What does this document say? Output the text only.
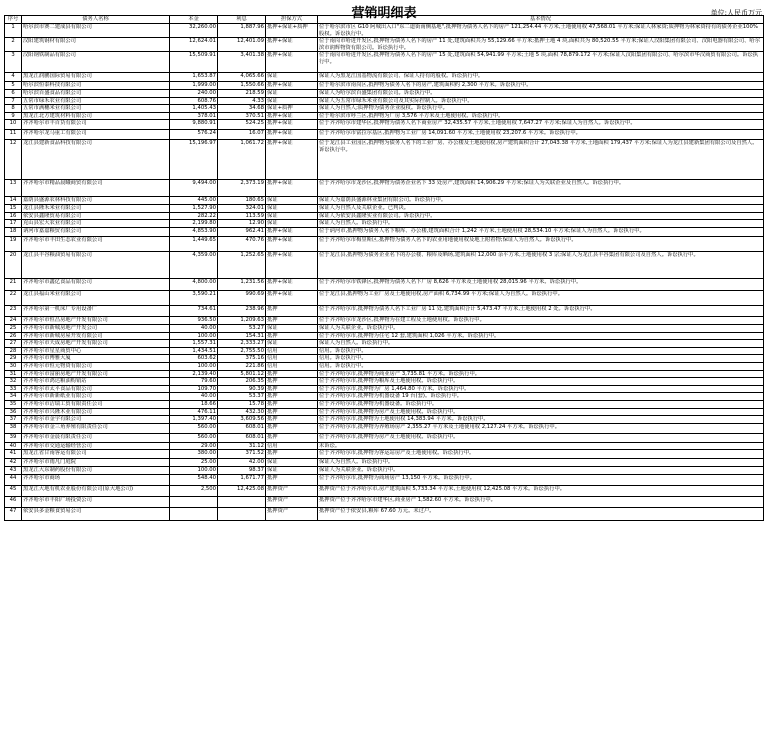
营销明细表	单位:人民币万元
序号	债务人名称	本金	利息	担保方式	基本情况
1	哈尔滨市赛二建成县有限公司	32,260.00	1,887.96	抵押+保证+质押	位于哈尔滨市区 G10 阿城出入口"东二道街南侧基地",抵押物为债务人名下的房产 121,254.44 平方米,土地使用权 47,568.01 平方米;保证人林家资;质押物为林家资持有的债务企业100%股权。诉讼执行中。
2	汉阳建筑钢材有限公司	12,624.01	12,401.09	抵押+保证	位于南岗市哈进开发区,抵押物为债务人名下的房产 11 处,建筑面积共为 55,129.66 平方米;抵押土地 4 块,面积共为 80,520.55 平方米;保证人汉阳集团有限公司、汉阳电器有限公司、哈尔滨市润辉物资有限公司。诉讼执行中。
3	汉阳钢铁制品有限公司	15,509.91	3,401.38	抵押+保证	位于南岗市哈进开发区,抵押物为债务人名下的房产 15 处,建筑面积 54,941.99 平方米;土地 5 块,面积 78,879.172 平方米;保证人汉阳集团有限公司、哈尔滨市华汉商贸有限公司。诉讼执行中。
4	黑龙江润鹏国际贸易有限公司	1,653.87	4,065.66	保证	保证人为黑龙江国基物流有限公司、保证人持有的股权。诉讼执行中。
5	哈尔滨恒泰科技有限公司	1,999.00	1,550.66	抵押+保证	位于哈尔滨市南岗区,抵押物为债务人名下的房产,建筑面积约 2,300 平方米。诉讼执行中。
6	哈尔滨百盛食品有限公司	240.00	218.59	保证	保证人为哈尔滨百盛集团有限公司。诉讼执行中。
7	五常市绿禾农业有限公司	608.76	4.33	保证	保证人为五常市绿禾米业有限公司及其实际控制人。诉讼执行中。
8	五常市满穗米业有限公司	1,405.43	34.68	保证+质押	保证人为自然人;质押物为债务企业股权。诉讼执行中。
9	黑龙江北方建筑材料有限公司	378.01	370.51	抵押+保证	位于哈尔滨市呼兰区,抵押物为厂房 3,576 平方米及土地使用权。诉讼执行中。
10	齐齐哈尔市丰百货有限公司	9,880.91	524.25	抵押+保证	位于齐齐哈尔市建华区,抵押物为债务人名下商业房产 32,435.57 平方米,土地使用权 7,647.27 平方米;保证人为自然人。诉讼执行中。
11	齐齐哈尔龙马重工有限公司	576.24	16.07	抵押+保证	位于齐齐哈尔市富拉尔基区,抵押物为工业厂房 14,091.60 平方米,土地使用权 23,207.6 平方米。诉讼执行中。
12	龙江县建新食品科技有限公司	15,196.97	1,061.72	抵押+保证	位于龙江县工业园区,抵押物为债务人名下的工业厂房、办公楼及土地使用权,房产建筑面积合计 27,043.38 平方米,土地面积 179,437 平方米;保证人为龙江县建新集团有限公司及自然人。诉讼执行中。
13	齐齐哈尔市精品晨曦商贸有限公司	9,494.00	2,373.19	抵押+保证	位于齐齐哈尔市龙沙区,抵押物为债务企业名下 33 处房产,建筑面积 14,906.29 平方米;保证人为关联企业及自然人。诉讼执行中。
14	嘉荫县盛源农林科技有限公司	445.00	180.65	保证	保证人为嘉荫县盛源林业集团有限公司。诉讼执行中。
15	龙江县隆禾米业有限公司	1,527.90	324.01	保证	保证人为自然人及关联企业。已判决。
16	依安县鑫隆贸易有限公司	282.22	113.59	保证	保证人为依安县鑫隆实业有限公司。诉讼执行中。
17	克山县宏大农业有限公司	2,199.80	12.90	保证	保证人为自然人。诉讼执行中。
18	讷河市嘉嘉粮贸有限公司	4,853.90	962.41	抵押+保证	位于讷河市,抵押物为债务人名下粮库、办公楼,建筑面积合计 1,242 平方米,土地使用权 28,534.10 平方米;保证人为自然人。诉讼执行中。
19	齐齐哈尔市丰田生态农业有限公司	1,449.65	470.76	抵押+保证	位于齐齐哈尔市梅里斯区,抵押物为债务人名下的农业用地使用权及地上附着物;保证人为自然人。诉讼执行中。
20	龙江县丰谷粮油贸易有限公司	4,359.00	1,252.65	抵押+保证	位于龙江县,抵押物为债务企业名下的办公楼、粮库及晒场,建筑面积 12,000 余平方米,土地使用权 3 宗;保证人为龙江县丰谷集团有限公司及自然人。诉讼执行中。
21	齐齐哈尔市鑫亿食品有限公司	4,800.00	1,231.56	抵押+保证	位于齐齐哈尔市铁锋区,抵押物为债务人名下厂房 8,626 平方米及土地使用权 28,015.96 平方米。诉讼执行中。
22	龙江县福山米业有限公司	3,590.21	990.69	抵押+保证	位于龙江县,抵押物为工业厂房及土地使用权,房产面积 6,734.99 平方米;保证人为自然人。诉讼执行中。
23	齐齐哈尔第一机床厂专用设备厂	734.61	238.96	抵押	位于齐齐哈尔市,抵押物为债务人名下工业厂房 11 处,建筑面积合计 5,473.47 平方米,土地使用权 2 处。诉讼执行中。
24	齐齐哈尔市恒昌房地产开发有限公司	936.50	1,209.63	抵押	位于齐齐哈尔市龙沙区,抵押物为在建工程及土地使用权。诉讼执行中。
25	齐齐哈尔市新城房地产开发公司	40.00	53.27	保证	保证人为关联企业。诉讼执行中。
26	齐齐哈尔市新城房屋开发有限公司	100.00	154.31	抵押	位于齐齐哈尔市,抵押物为住宅 12 套,建筑面积 1,026 平方米。诉讼执行中。
27	齐齐哈尔市天成房地产开发有限公司	1,557.31	2,333.27	保证	保证人为自然人。诉讼执行中。
28	齐齐哈尔市星星商贸中心	1,434.51	2,755.50	信用	信用。诉讼执行中。
29	齐齐哈尔市博雅大厦	603.62	375.16	信用	信用。诉讼执行中。
30	齐齐哈尔市恒元物资有限公司	100.00	221.86	信用	信用。诉讼执行中。
31	齐齐哈尔市富丽房地产开发有限公司	2,139.40	5,801.12	抵押	位于齐齐哈尔市,抵押物为商业房产 3,735.81 平方米。诉讼执行中。
32	齐齐哈尔市鸿达粮油购销站	79.60	206.35	抵押	位于齐齐哈尔市,抵押物为粮库及土地使用权。诉讼执行中。
33	齐齐哈尔市太平食品有限公司	109.70	90.39	抵押	位于齐齐哈尔市,抵押物为厂房 1,464.80 平方米。诉讼执行中。
34	齐齐哈尔市新新纸业有限公司	40.00	53.37	抵押	位于齐齐哈尔市,抵押物为机器设备 19 台(套)。诉讼执行中。
35	齐齐哈尔市洁瑞工贸有限责任公司	18.66	15.78	抵押	位于齐齐哈尔市,抵押物为机器设备。诉讼执行中。
36	齐齐哈尔市兴隆木业有限公司	476.11	432.30	抵押	位于齐齐哈尔市,抵押物为房产及土地使用权。诉讼执行中。
37	齐齐哈尔市金宇有限公司	1,397.40	3,609.56	抵押	位于齐齐哈尔市,抵押物为土地使用权 14,383.94 平方米。诉讼执行中。
38	齐齐哈尔市金三角养殖有限责任公司	560.00	608.01	抵押	位于齐齐哈尔市,抵押物为养殖场房产 2,355.27 平方米及土地使用权 2,127.24 平方米。诉讼执行中。
39	齐齐哈尔市金晨有限责任公司	560.00	608.01	抵押	位于齐齐哈尔市,抵押物为房产及土地使用权。诉讼执行中。
40	齐齐哈尔市交通运输经营公司	29.00	31.12	信用	未诉讼。
41	黑龙江省甘南客运有限公司	380.00	371.52	抵押	位于齐齐哈尔市,抵押物为客运站房产及土地使用权。诉讼执行中。
42	齐齐哈尔市雨凡门庭院	25.00	42.00	保证	保证人为自然人。诉讼执行中。
43	黑龙江大东制药股份有限公司	100.00	98.37	保证	保证人为关联企业。诉讼执行中。
44	齐齐哈尔市商场	548.40	1,671.77	抵押	位于齐齐哈尔市,抵押物为商场房产 13,150 平方米。诉讼执行中。
45	黑龙江大地有机农业股份有限公司(原大地公司)	2,500	12,425.08	抵押资产	抵押资产位于齐齐哈尔市,房产建筑面积 5,733.34 平方米,土地使用权 12,425.08 平方米。诉讼执行中。
46	齐齐哈尔市丰阳广场投资公司			抵押资产	抵押资产位于齐齐哈尔市建华区,商业房产 1,582.60 平方米。诉讼执行中。
47	依安县多金粮食贸易公司			抵押资产	抵押资产位于依安县,粮库 67.60 万元。未过户。
